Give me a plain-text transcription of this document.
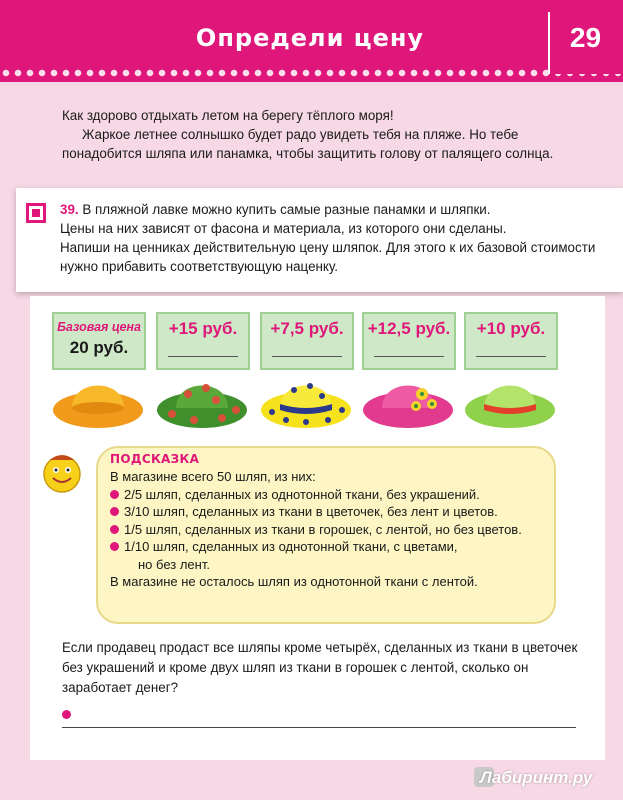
Определи цену	29

Как здорово отдыхать летом на берегу тёплого моря!

Жаркое летнее солнышко будет радо увидеть тебя на пляже. Но тебе понадобится шляпа или панамка, чтобы защитить голову от палящего солнца.

39. В пляжной лавке можно купить самые разные панамки и шляпки.
Цены на них зависят от фасона и материала, из которого они сделаны.
Напиши на ценниках действительную цену шляпок. Для этого к их базовой стоимости нужно прибавить соответствующую наценку.
Базовая цена
20 руб.
+15 руб.	+7,5 руб.	+12,5 руб.	+10 руб.
ПОДСКАЗКА
В магазине всего 50 шляп, из них:
2/5 шляп, сделанных из однотонной ткани, без украшений.
3/10 шляп, сделанных из ткани в цветочек, без лент и цветов.
1/5 шляп, сделанных из ткани в горошек, с лентой, но без цветов.
1/10 шляп, сделанных из однотонной ткани, с цветами,
но без лент.
В магазине не осталось шляп из однотонной ткани с лентой.
Если продавец продаст все шляпы кроме четырёх, сделанных из ткани в цветочек без украшений и кроме двух шляп из ткани в горошек с лентой, сколько он заработает денег?
Лабиринт.ру
